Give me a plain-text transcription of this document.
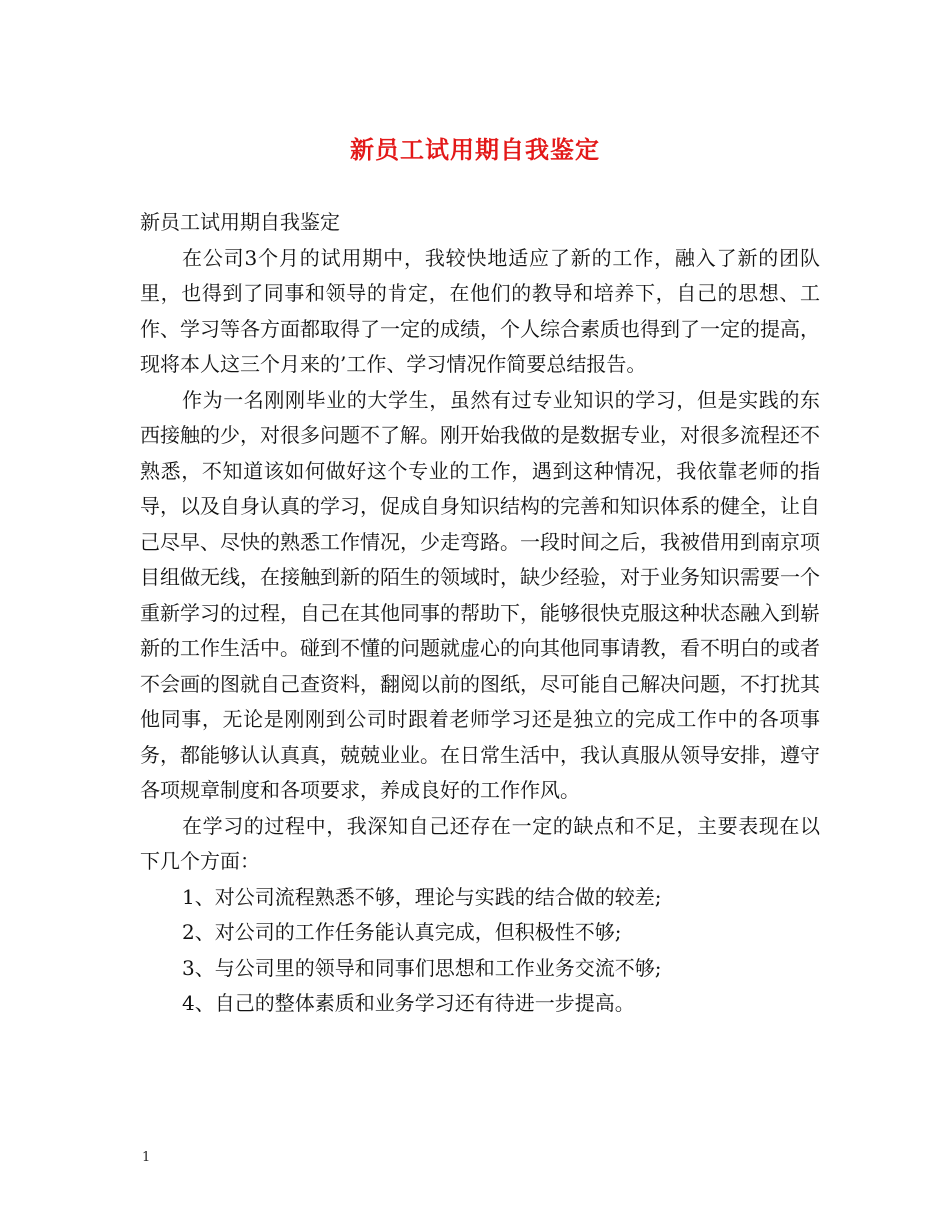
新员工试用期自我鉴定

新员工试用期自我鉴定

在公司3个月的试用期中，我较快地适应了新的工作，融入了新的团队里，也得到了同事和领导的肯定，在他们的教导和培养下，自己的思想、工作、学习等各方面都取得了一定的成绩，个人综合素质也得到了一定的提高，现将本人这三个月来的’工作、学习情况作简要总结报告。

作为一名刚刚毕业的大学生，虽然有过专业知识的学习，但是实践的东西接触的少，对很多问题不了解。刚开始我做的是数据专业，对很多流程还不熟悉，不知道该如何做好这个专业的工作，遇到这种情况，我依靠老师的指导，以及自身认真的学习，促成自身知识结构的完善和知识体系的健全，让自己尽早、尽快的熟悉工作情况，少走弯路。一段时间之后，我被借用到南京项目组做无线，在接触到新的陌生的领域时，缺少经验，对于业务知识需要一个重新学习的过程，自己在其他同事的帮助下，能够很快克服这种状态融入到崭新的工作生活中。碰到不懂的问题就虚心的向其他同事请教，看不明白的或者不会画的图就自己查资料，翻阅以前的图纸，尽可能自己解决问题，不打扰其他同事，无论是刚刚到公司时跟着老师学习还是独立的完成工作中的各项事务，都能够认认真真，兢兢业业。在日常生活中，我认真服从领导安排，遵守各项规章制度和各项要求，养成良好的工作作风。

在学习的过程中，我深知自己还存在一定的缺点和不足，主要表现在以下几个方面：

1、对公司流程熟悉不够，理论与实践的结合做的较差;

2、对公司的工作任务能认真完成，但积极性不够;

3、与公司里的领导和同事们思想和工作业务交流不够;

4、自己的整体素质和业务学习还有待进一步提高。

1
